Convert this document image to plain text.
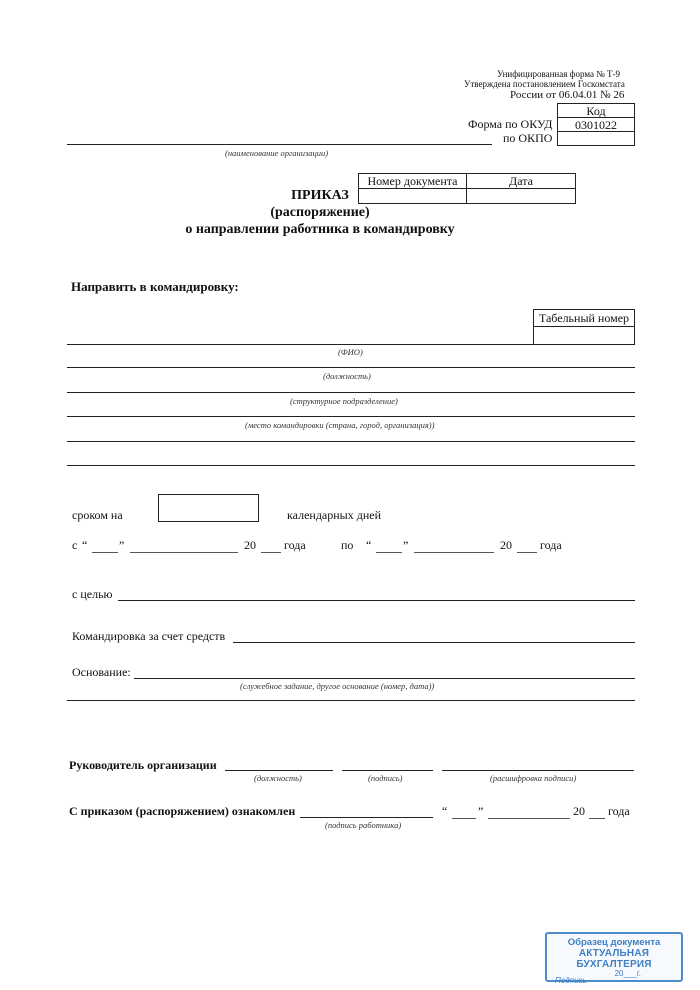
Унифицированная форма № Т-9
Утверждена постановлением Госкомстата
России от 06.04.01 № 26
Код
0301022
Форма по ОКУД
по ОКПО
(наименование организации)
Номер документа	Дата
ПРИКАЗ
(распоряжение)
о направлении работника в командировку
Направить в командировку:
Табельный номер
(ФИО)
(должность)
(структурное подразделение)
(место командировки (страна, город, организация))
сроком на	календарных дней
с “	”	20 года	по “	”	20 года
с целью
Командировка за счет средств
Основание:
(служебное задание, другое основание (номер, дата))
Руководитель организации
(должность)	(подпись)	(расшифровка подписи)
С приказом (распоряжением) ознакомлен
(подпись работника)
“	”	20 года
Образец документа
АКТУАЛЬНАЯ БУХГАЛТЕРИЯ
20___г.
Подпись
